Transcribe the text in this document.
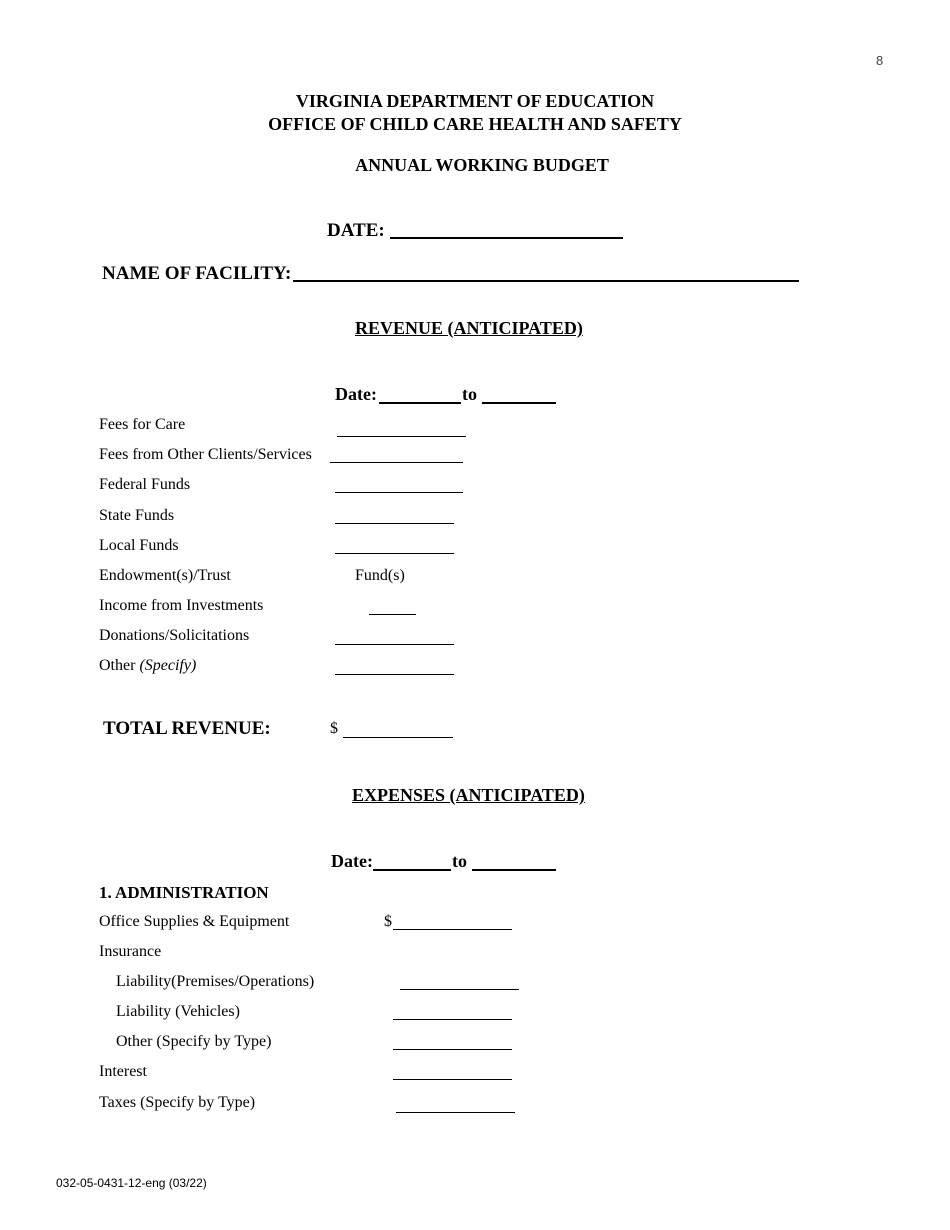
8
VIRGINIA DEPARTMENT OF EDUCATION
OFFICE OF CHILD CARE HEALTH AND SAFETY
ANNUAL WORKING BUDGET
DATE:
NAME OF FACILITY:
REVENUE (ANTICIPATED)
Date:	to
Fees for Care
Fees from Other Clients/Services
Federal Funds
State Funds
Local Funds
Endowment(s)/Trust	Fund(s)
Income from Investments
Donations/Solicitations
Other (Specify)
TOTAL REVENUE:	$
EXPENSES (ANTICIPATED)
Date:	to
1. ADMINISTRATION
Office Supplies & Equipment	$
Insurance
Liability(Premises/Operations)
Liability (Vehicles)
Other (Specify by Type)
Interest
Taxes (Specify by Type)
032-05-0431-12-eng (03/22)
